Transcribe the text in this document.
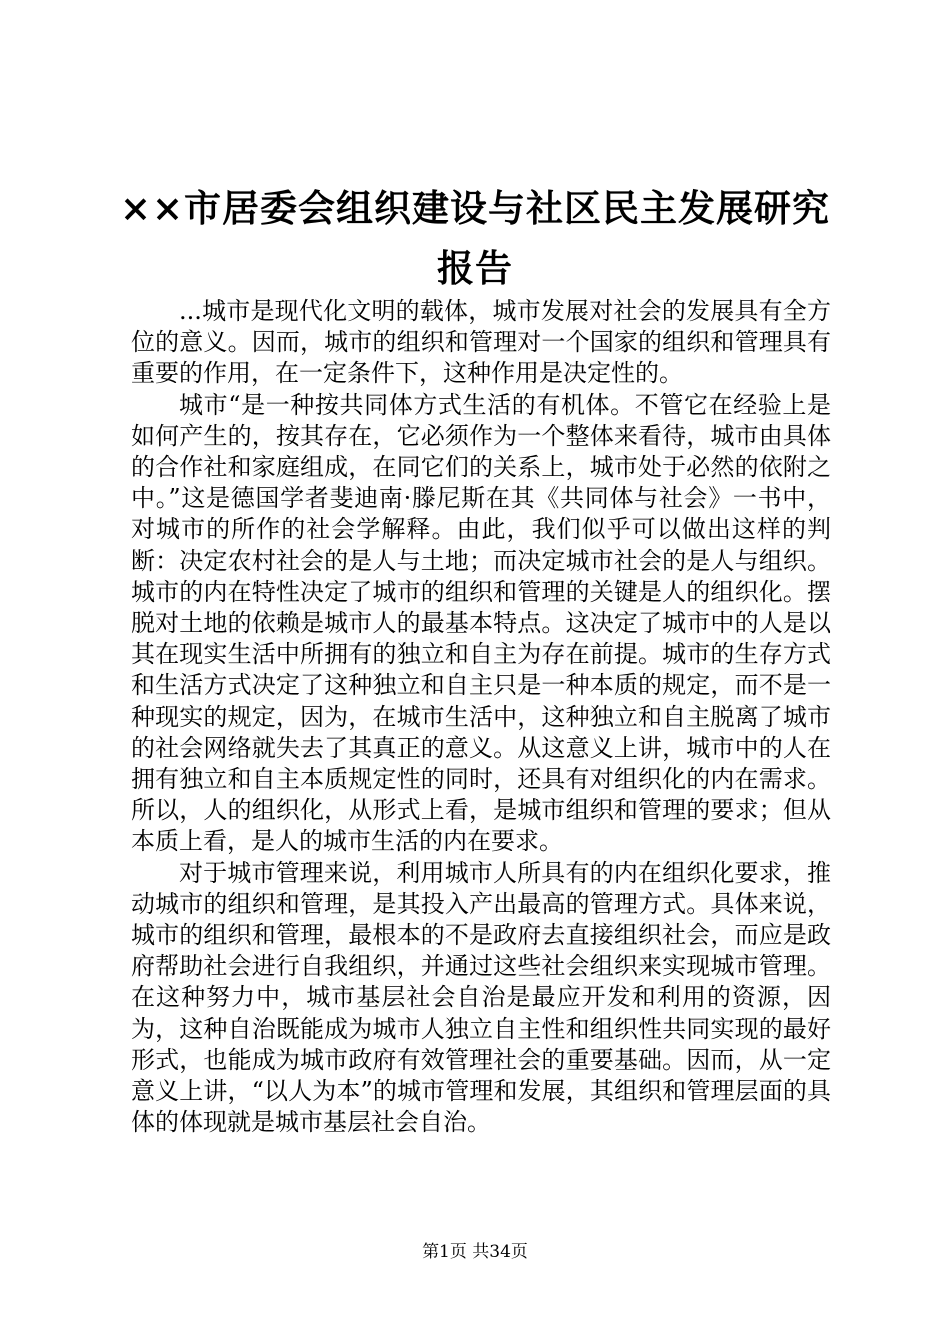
××市居委会组织建设与社区民主发展研究报告

...城市是现代化文明的载体，城市发展对社会的发展具有全方位的意义。因而，城市的组织和管理对一个国家的组织和管理具有重要的作用，在一定条件下，这种作用是决定性的。

城市“是一种按共同体方式生活的有机体。不管它在经验上是如何产生的，按其存在，它必须作为一个整体来看待，城市由具体的合作社和家庭组成，在同它们的关系上，城市处于必然的依附之中。”这是德国学者斐迪南·滕尼斯在其《共同体与社会》一书中，对城市的所作的社会学解释。由此，我们似乎可以做出这样的判断：决定农村社会的是人与土地；而决定城市社会的是人与组织。城市的内在特性决定了城市的组织和管理的关键是人的组织化。摆脱对土地的依赖是城市人的最基本特点。这决定了城市中的人是以其在现实生活中所拥有的独立和自主为存在前提。城市的生存方式和生活方式决定了这种独立和自主只是一种本质的规定，而不是一种现实的规定，因为，在城市生活中，这种独立和自主脱离了城市的社会网络就失去了其真正的意义。从这意义上讲，城市中的人在拥有独立和自主本质规定性的同时，还具有对组织化的内在需求。所以，人的组织化，从形式上看，是城市组织和管理的要求；但从本质上看，是人的城市生活的内在要求。

对于城市管理来说，利用城市人所具有的内在组织化要求，推动城市的组织和管理，是其投入产出最高的管理方式。具体来说，城市的组织和管理，最根本的不是政府去直接组织社会，而应是政府帮助社会进行自我组织，并通过这些社会组织来实现城市管理。在这种努力中，城市基层社会自治是最应开发和利用的资源，因为，这种自治既能成为城市人独立自主性和组织性共同实现的最好形式，也能成为城市政府有效管理社会的重要基础。因而，从一定意义上讲，“以人为本”的城市管理和发展，其组织和管理层面的具体的体现就是城市基层社会自治。

第1页 共34页
